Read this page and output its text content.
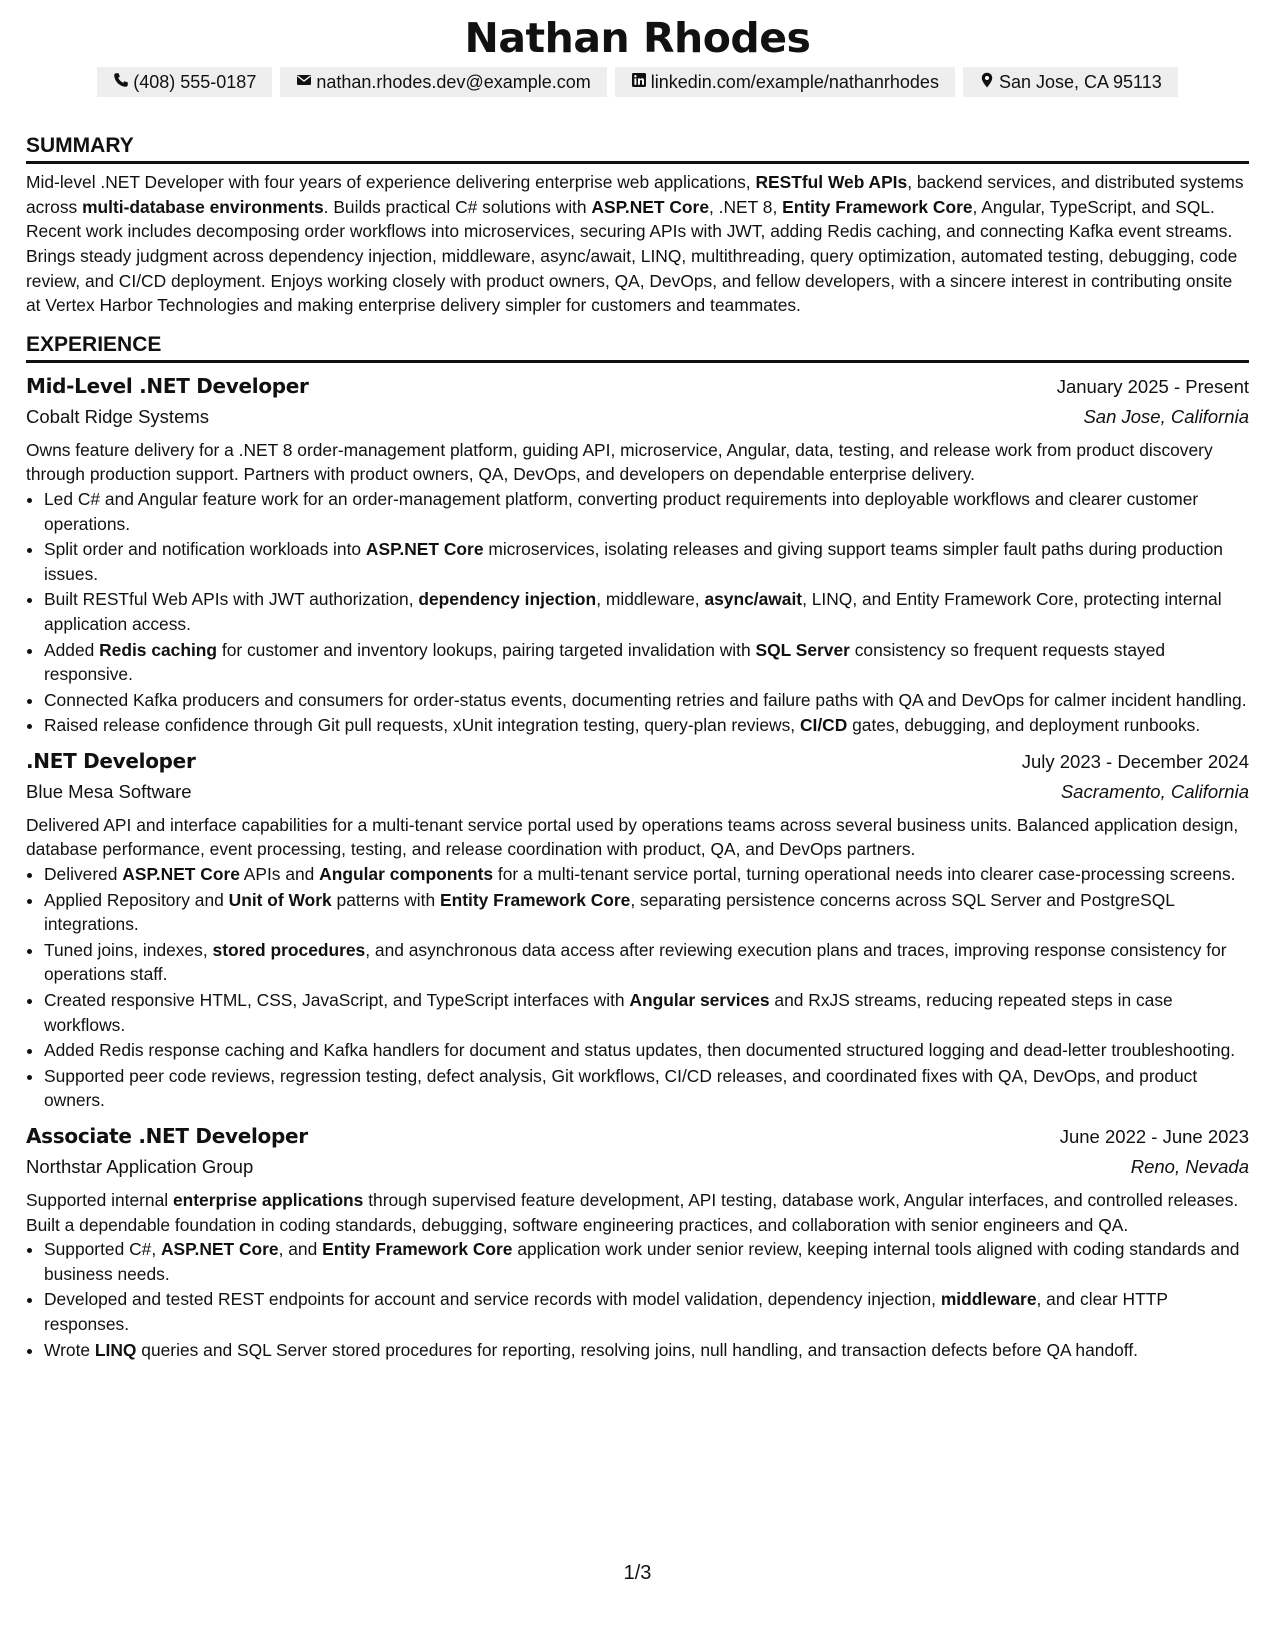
Nathan Rhodes
(408) 555-0187	nathan.rhodes.dev@example.com	linkedin.com/example/nathanrhodes	San Jose, CA 95113
SUMMARY

Mid-level .NET Developer with four years of experience delivering enterprise web applications, RESTful Web APIs, backend services, and distributed systems across multi-database environments. Builds practical C# solutions with ASP.NET Core, .NET 8, Entity Framework Core, Angular, TypeScript, and SQL. Recent work includes decomposing order workflows into microservices, securing APIs with JWT, adding Redis caching, and connecting Kafka event streams. Brings steady judgment across dependency injection, middleware, async/await, LINQ, multithreading, query optimization, automated testing, debugging, code review, and CI/CD deployment. Enjoys working closely with product owners, QA, DevOps, and fellow developers, with a sincere interest in contributing onsite at Vertex Harbor Technologies and making enterprise delivery simpler for customers and teammates.

EXPERIENCE
Mid-Level .NET Developer	January 2025 - Present
Cobalt Ridge Systems	San Jose, California
Owns feature delivery for a .NET 8 order-management platform, guiding API, microservice, Angular, data, testing, and release work from product discovery through production support. Partners with product owners, QA, DevOps, and developers on dependable enterprise delivery.
• Led C# and Angular feature work for an order-management platform, converting product requirements into deployable workflows and clearer customer operations.
• Split order and notification workloads into ASP.NET Core microservices, isolating releases and giving support teams simpler fault paths during production issues.
• Built RESTful Web APIs with JWT authorization, dependency injection, middleware, async/await, LINQ, and Entity Framework Core, protecting internal application access.
• Added Redis caching for customer and inventory lookups, pairing targeted invalidation with SQL Server consistency so frequent requests stayed responsive.
• Connected Kafka producers and consumers for order-status events, documenting retries and failure paths with QA and DevOps for calmer incident handling.
• Raised release confidence through Git pull requests, xUnit integration testing, query-plan reviews, CI/CD gates, debugging, and deployment runbooks.
.NET Developer	July 2023 - December 2024
Blue Mesa Software	Sacramento, California
Delivered API and interface capabilities for a multi-tenant service portal used by operations teams across several business units. Balanced application design, database performance, event processing, testing, and release coordination with product, QA, and DevOps partners.
• Delivered ASP.NET Core APIs and Angular components for a multi-tenant service portal, turning operational needs into clearer case-processing screens.
• Applied Repository and Unit of Work patterns with Entity Framework Core, separating persistence concerns across SQL Server and PostgreSQL integrations.
• Tuned joins, indexes, stored procedures, and asynchronous data access after reviewing execution plans and traces, improving response consistency for operations staff.
• Created responsive HTML, CSS, JavaScript, and TypeScript interfaces with Angular services and RxJS streams, reducing repeated steps in case workflows.
• Added Redis response caching and Kafka handlers for document and status updates, then documented structured logging and dead-letter troubleshooting.
• Supported peer code reviews, regression testing, defect analysis, Git workflows, CI/CD releases, and coordinated fixes with QA, DevOps, and product owners.
Associate .NET Developer	June 2022 - June 2023
Northstar Application Group	Reno, Nevada
Supported internal enterprise applications through supervised feature development, API testing, database work, Angular interfaces, and controlled releases. Built a dependable foundation in coding standards, debugging, software engineering practices, and collaboration with senior engineers and QA.
• Supported C#, ASP.NET Core, and Entity Framework Core application work under senior review, keeping internal tools aligned with coding standards and business needs.
• Developed and tested REST endpoints for account and service records with model validation, dependency injection, middleware, and clear HTTP responses.
• Wrote LINQ queries and SQL Server stored procedures for reporting, resolving joins, null handling, and transaction defects before QA handoff.
1/3
